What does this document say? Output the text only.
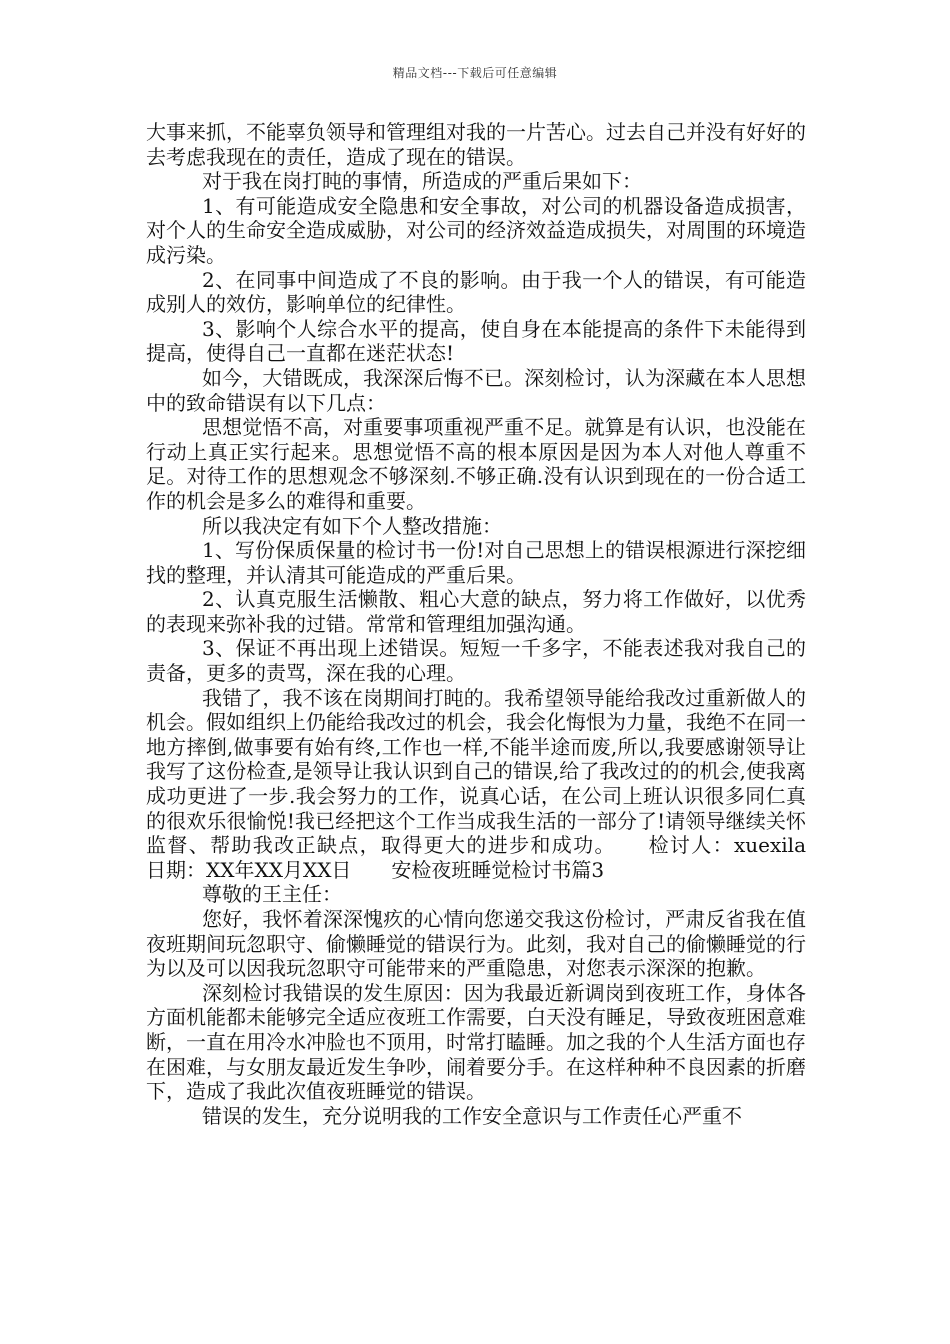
精品文档---下载后可任意编辑

大事来抓，不能辜负领导和管理组对我的一片苦心。过去自己并没有好好的去考虑我现在的责任，造成了现在的错误。

对于我在岗打盹的事情，所造成的严重后果如下：

1、有可能造成安全隐患和安全事故，对公司的机器设备造成损害，对个人的生命安全造成威胁，对公司的经济效益造成损失，对周围的环境造成污染。

2、在同事中间造成了不良的影响。由于我一个人的错误，有可能造成别人的效仿，影响单位的纪律性。

3、影响个人综合水平的提高，使自身在本能提高的条件下未能得到提高，使得自己一直都在迷茫状态!

如今，大错既成，我深深后悔不已。深刻检讨，认为深藏在本人思想中的致命错误有以下几点：

思想觉悟不高，对重要事项重视严重不足。就算是有认识，也没能在行动上真正实行起来。思想觉悟不高的根本原因是因为本人对他人尊重不足。对待工作的思想观念不够深刻.不够正确.没有认识到现在的一份合适工作的机会是多么的难得和重要。

所以我决定有如下个人整改措施：

1、写份保质保量的检讨书一份!对自己思想上的错误根源进行深挖细找的整理，并认清其可能造成的严重后果。

2、认真克服生活懒散、粗心大意的缺点，努力将工作做好，以优秀的表现来弥补我的过错。常常和管理组加强沟通。

3、保证不再出现上述错误。短短一千多字，不能表述我对我自己的责备，更多的责骂，深在我的心理。

我错了，我不该在岗期间打盹的。我希望领导能给我改过重新做人的机会。假如组织上仍能给我改过的机会，我会化悔恨为力量，我绝不在同一地方摔倒,做事要有始有终,工作也一样,不能半途而废,所以,我要感谢领导让我写了这份检查,是领导让我认识到自己的错误,给了我改过的的机会,使我离成功更进了一步.我会努力的工作，说真心话，在公司上班认识很多同仁真的很欢乐很愉悦!我已经把这个工作当成我生活的一部分了!请领导继续关怀监督、帮助我改正缺点，取得更大的进步和成功。　　检讨人：xuexila　　日期：XX年XX月XX日　　安检夜班睡觉检讨书篇3

尊敬的王主任：

您好，我怀着深深愧疚的心情向您递交我这份检讨，严肃反省我在值夜班期间玩忽职守、偷懒睡觉的错误行为。此刻，我对自己的偷懒睡觉的行为以及可以因我玩忽职守可能带来的严重隐患，对您表示深深的抱歉。

深刻检讨我错误的发生原因：因为我最近新调岗到夜班工作，身体各方面机能都未能够完全适应夜班工作需要，白天没有睡足，导致夜班困意难断，一直在用冷水冲脸也不顶用，时常打瞌睡。加之我的个人生活方面也存在困难，与女朋友最近发生争吵，闹着要分手。在这样种种不良因素的折磨下，造成了我此次值夜班睡觉的错误。

错误的发生，充分说明我的工作安全意识与工作责任心严重不
